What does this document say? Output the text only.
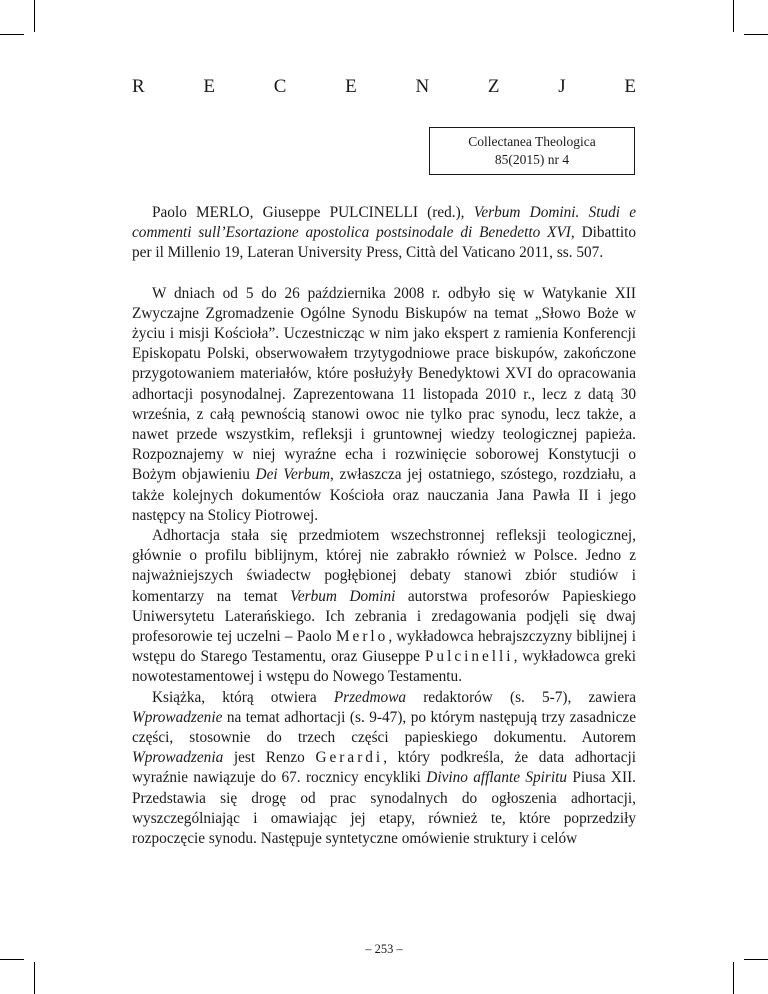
R	E	C	E	N	Z	J	E
Collectanea Theologica
85(2015) nr 4

Paolo MERLO, Giuseppe PULCINELLI (red.), Verbum Domini. Studi e commenti sull’Esortazione apostolica postsinodale di Benedetto XVI, Dibattito per il Millenio 19, Lateran University Press, Città del Vaticano 2011, ss. 507.

W dniach od 5 do 26 października 2008 r. odbyło się w Watykanie XII Zwyczajne Zgromadzenie Ogólne Synodu Biskupów na temat „Słowo Boże w życiu i misji Kościoła”. Uczestnicząc w nim jako ekspert z ramienia Konferencji Episkopatu Polski, obserwowałem trzytygodniowe prace biskupów, zakończone przygotowaniem materiałów, które posłużyły Benedyktowi XVI do opracowania adhortacji posynodalnej. Zaprezentowana 11 listopada 2010 r., lecz z datą 30 września, z całą pewnością stanowi owoc nie tylko prac synodu, lecz także, a nawet przede wszystkim, refleksji i gruntownej wiedzy teologicznej papieża. Rozpoznajemy w niej wyraźne echa i rozwinięcie soborowej Konstytucji o Bożym objawieniu Dei Verbum, zwłaszcza jej ostatniego, szóstego, rozdziału, a także kolejnych dokumentów Kościoła oraz nauczania Jana Pawła II i jego następcy na Stolicy Piotrowej.

Adhortacja stała się przedmiotem wszechstronnej refleksji teologicznej, głównie o profilu biblijnym, której nie zabrakło również w Polsce. Jedno z najważniejszych świadectw pogłębionej debaty stanowi zbiór studiów i komentarzy na temat Verbum Domini autorstwa profesorów Papieskiego Uniwersytetu Laterańskiego. Ich zebrania i zredagowania podjęli się dwaj profesorowie tej uczelni – Paolo Merlo, wykładowca hebrajszczyzny biblijnej i wstępu do Starego Testamentu, oraz Giuseppe Pulcinelli, wykładowca greki nowotestamentowej i wstępu do Nowego Testamentu.

Książka, którą otwiera Przedmowa redaktorów (s. 5-7), zawiera Wprowadzenie na temat adhortacji (s. 9-47), po którym następują trzy zasadnicze części, stosownie do trzech części papieskiego dokumentu. Autorem Wprowadzenia jest Renzo Gerardi, który podkreśla, że data adhortacji wyraźnie nawiązuje do 67. rocznicy encykliki Divino afflante Spiritu Piusa XII. Przedstawia się drogę od prac synodalnych do ogłoszenia adhortacji, wyszczególniając i omawiając jej etapy, również te, które poprzedziły rozpoczęcie synodu. Następuje syntetyczne omówienie struktury i celów

– 253 –
